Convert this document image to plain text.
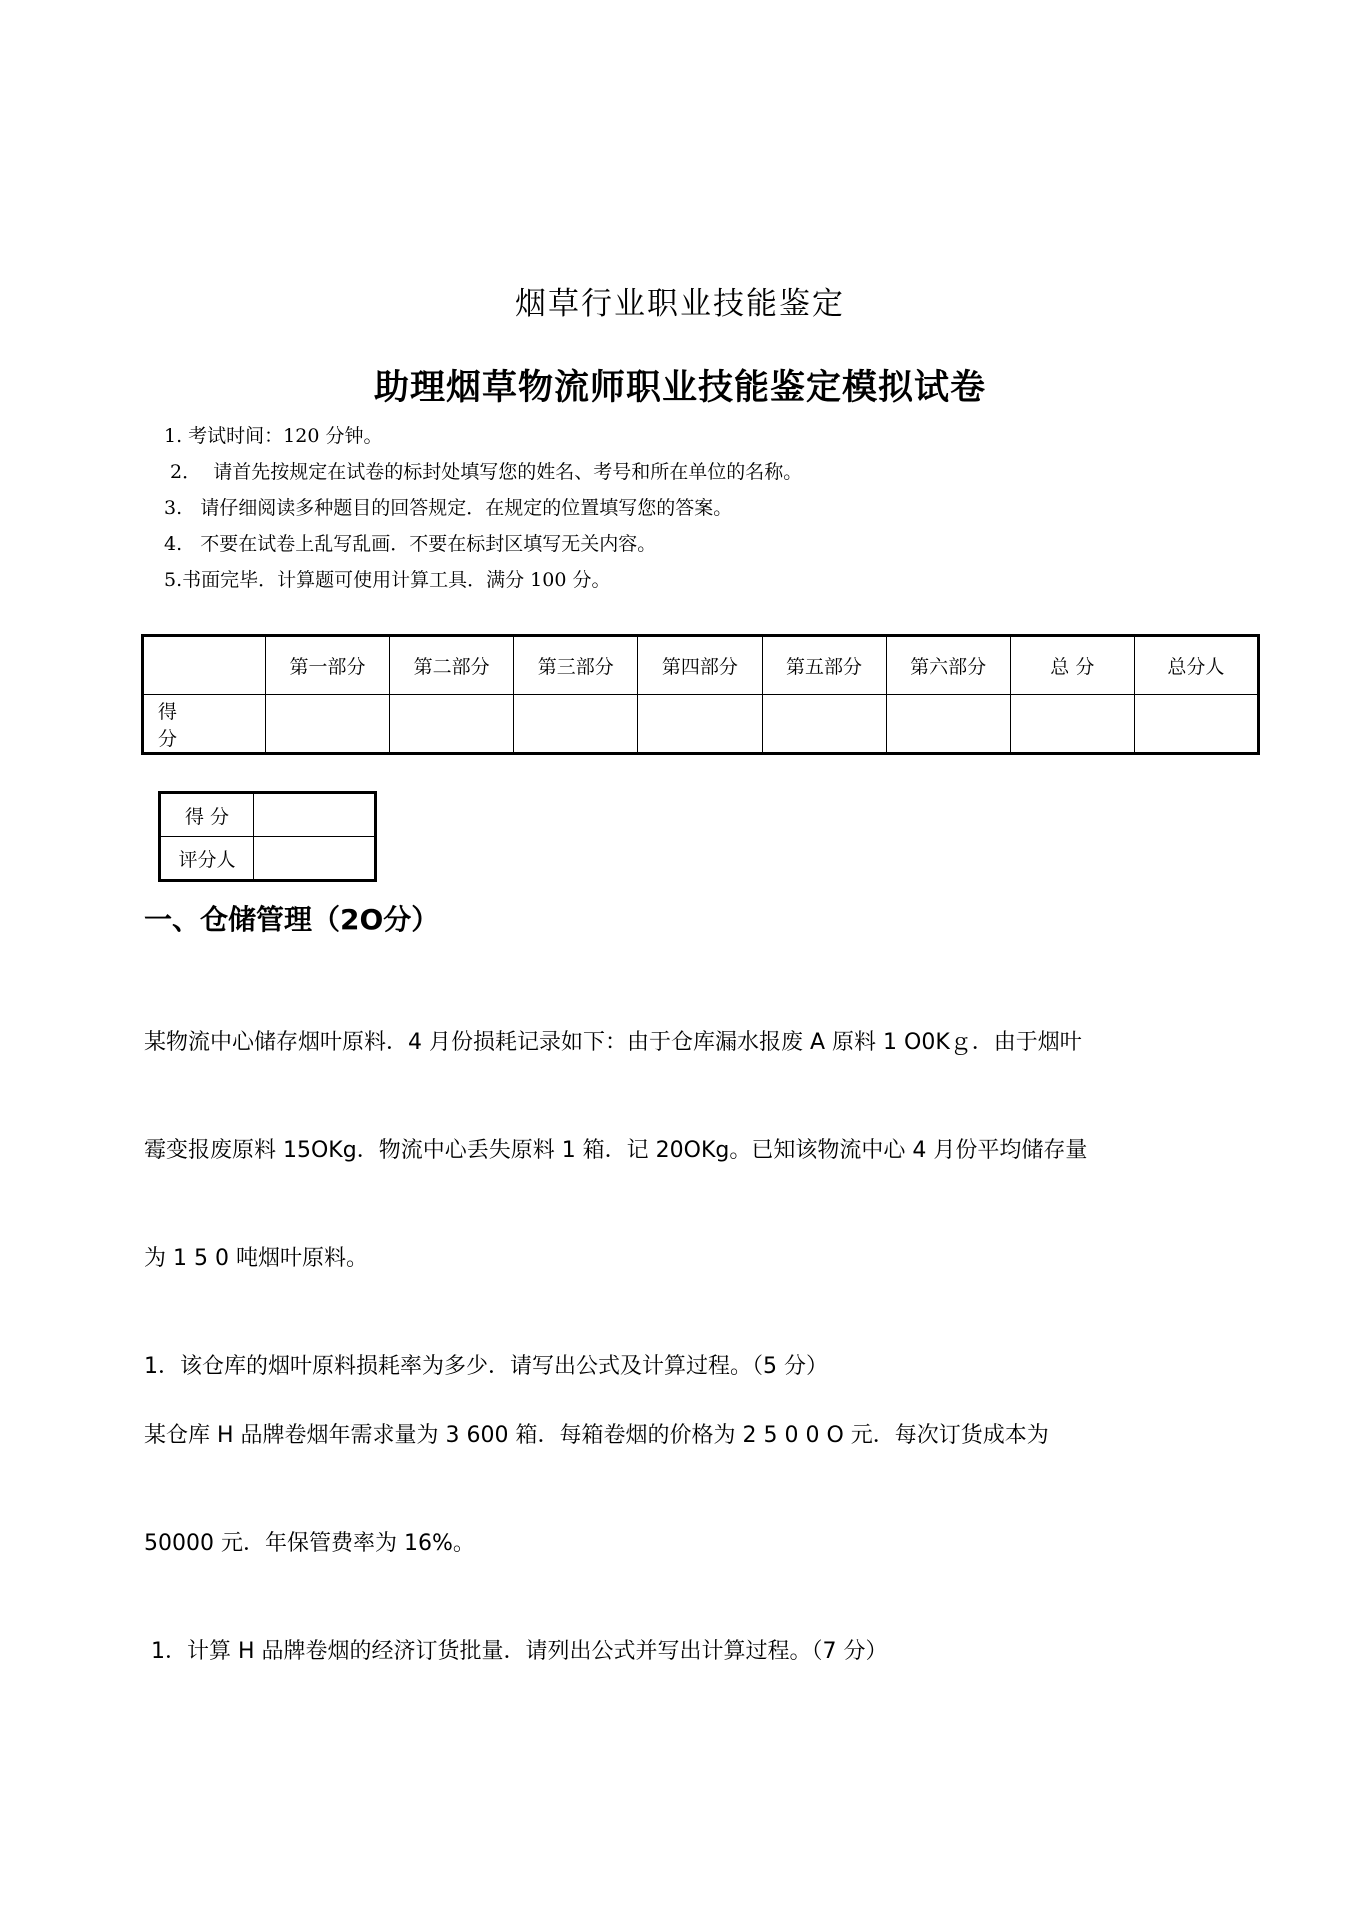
烟草行业职业技能鉴定
助理烟草物流师职业技能鉴定模拟试卷
1. 考试时间：120 分钟。
2．  请首先按规定在试卷的标封处填写您的姓名、考号和所在单位的名称。
3.   请仔细阅读多种题目的回答规定．在规定的位置填写您的答案。
4.   不要在试卷上乱写乱画．不要在标封区填写无关内容。
5.书面完毕．计算题可使用计算工具．满分 100 分。
	第一部分	第二部分	第三部分	第四部分	第五部分	第六部分	总 分	总分人
得分								
得 分	
评分人	
一、仓储管理（2O分）

某物流中心储存烟叶原料．4 月份损耗记录如下：由于仓库漏水报废 A 原料 1 O0Kｇ．由于烟叶

霉变报废原料 15OKg．物流中心丢失原料 1 箱．记 20OKg。已知该物流中心 4 月份平均储存量

为 1 5 0 吨烟叶原料。

1．该仓库的烟叶原料损耗率为多少．请写出公式及计算过程。（5 分）

某仓库 H 品牌卷烟年需求量为 3 600 箱．每箱卷烟的价格为 2 5 0 0 O 元．每次订货成本为

50000 元．年保管费率为 16%。

1．计算 H 品牌卷烟的经济订货批量．请列出公式并写出计算过程。（7 分）
